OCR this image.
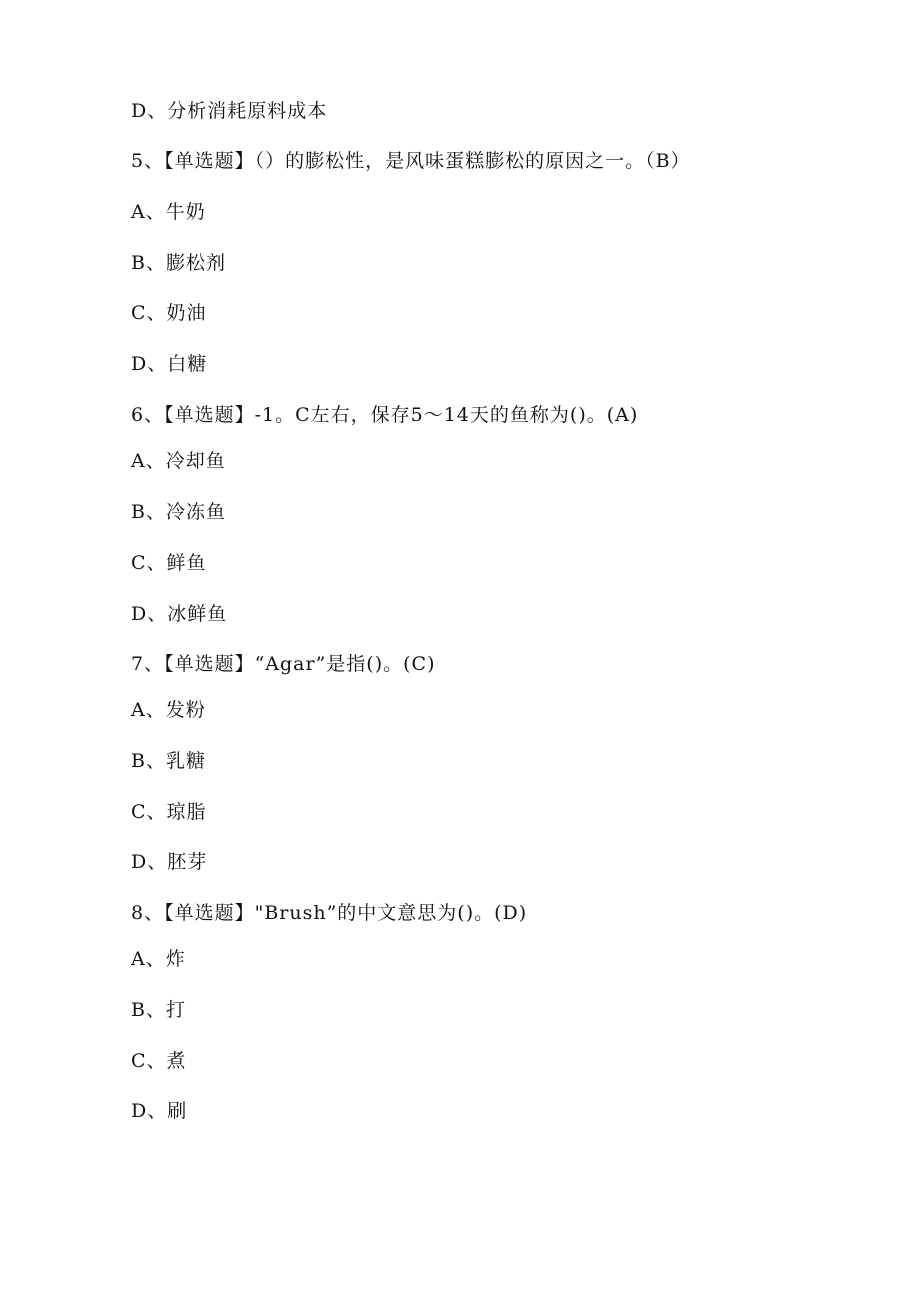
D、分析消耗原料成本
5、【单选题】（）的膨松性，是风味蛋糕膨松的原因之一。（B）
A、牛奶
B、膨松剂
C、奶油
D、白糖
6、【单选题】-1。C左右，保存5～14天的鱼称为()。(A)
A、冷却鱼
B、冷冻鱼
C、鲜鱼
D、冰鲜鱼
7、【单选题】“Agar”是指()。(C)
A、发粉
B、乳糖
C、琼脂
D、胚芽
8、【单选题】"Brush”的中文意思为()。(D)
A、炸
B、打
C、煮
D、刷
